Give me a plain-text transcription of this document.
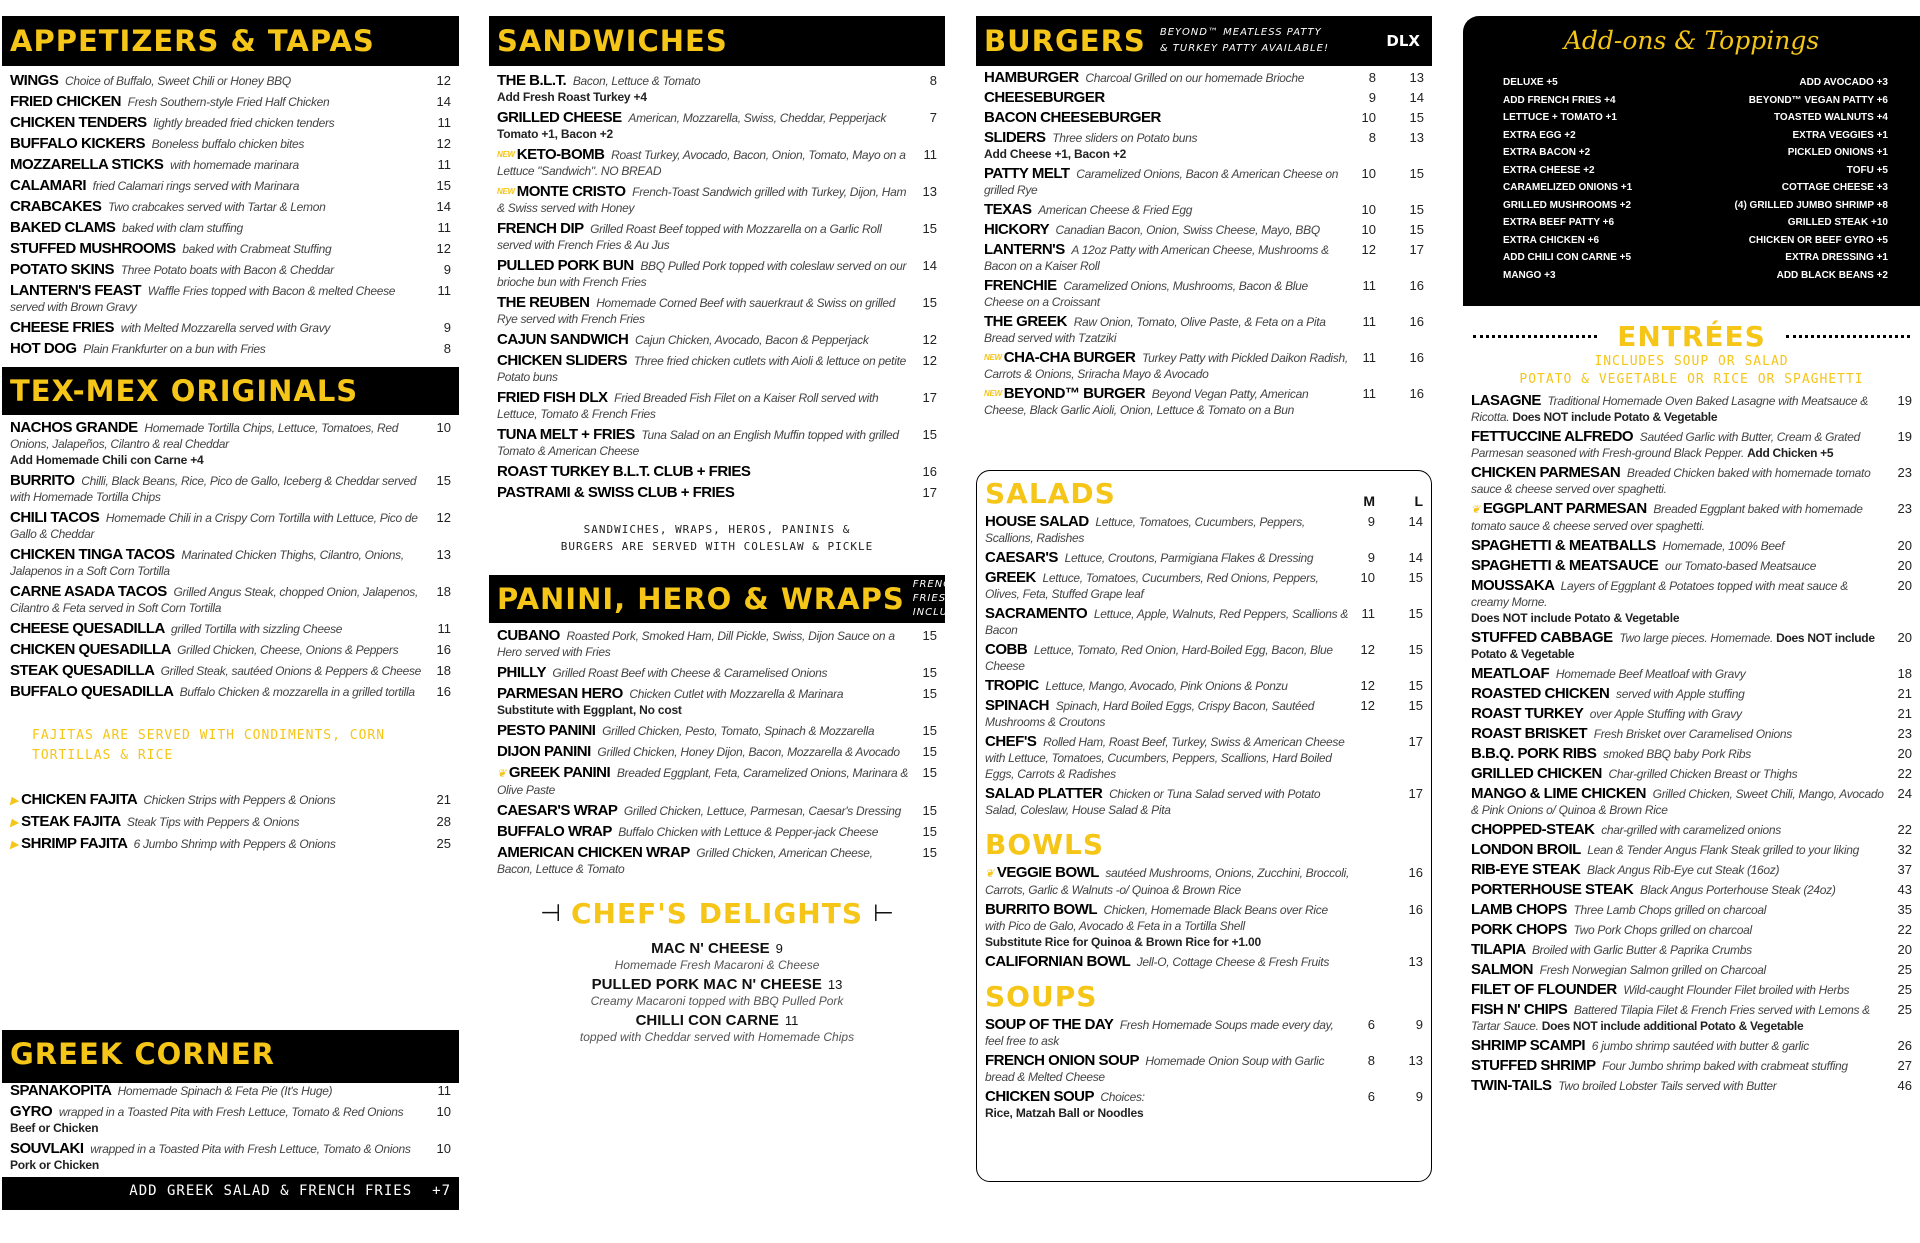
APPETIZERS & TAPAS
WINGS Choice of Buffalo, Sweet Chili or Honey BBQ	12
FRIED CHICKEN Fresh Southern-style Fried Half Chicken	14
CHICKEN TENDERS lightly breaded fried chicken tenders	11
BUFFALO KICKERS Boneless buffalo chicken bites	12
MOZZARELLA STICKS with homemade marinara	11
CALAMARI fried Calamari rings served with Marinara	15
CRABCAKES Two crabcakes served with Tartar & Lemon	14
BAKED CLAMS baked with clam stuffing	11
STUFFED MUSHROOMS baked with Crabmeat Stuffing	12
POTATO SKINS Three Potato boats with Bacon & Cheddar	9
LANTERN'S FEAST Waffle Fries topped with Bacon & melted Cheese served with Brown Gravy
11
CHEESE FRIES with Melted Mozzarella served with Gravy	9
HOT DOG Plain Frankfurter on a bun with Fries	8
TEX-MEX ORIGINALS
NACHOS GRANDE Homemade Tortilla Chips, Lettuce, Tomatoes, Red Onions, Jalapeños, Cilantro & real Cheddar
Add Homemade Chili con Carne +4
10
BURRITO Chilli, Black Beans, Rice, Pico de Gallo, Iceberg & Cheddar served with Homemade Tortilla Chips
15
CHILI TACOS Homemade Chili in a Crispy Corn Tortilla with Lettuce, Pico de Gallo & Cheddar
12
CHICKEN TINGA TACOS Marinated Chicken Thighs, Cilantro, Onions, Jalapenos in a Soft Corn Tortilla
13
CARNE ASADA TACOS Grilled Angus Steak, chopped Onion, Jalapenos, Cilantro & Feta served in Soft Corn Tortilla
18
CHEESE QUESADILLA grilled Tortilla with sizzling Cheese	11
CHICKEN QUESADILLA Grilled Chicken, Cheese, Onions & Peppers	16
STEAK QUESADILLA Grilled Steak, sautéed Onions & Peppers & Cheese	18
BUFFALO QUESADILLA Buffalo Chicken & mozzarella in a grilled tortilla	16
FAJITAS ARE SERVED WITH CONDIMENTS, CORN TORTILLAS & RICE
▶ CHICKEN FAJITA Chicken Strips with Peppers & Onions	21
▶ STEAK FAJITA Steak Tips with Peppers & Onions	28
▶ SHRIMP FAJITA 6 Jumbo Shrimp with Peppers & Onions	25
GREEK CORNER
SPANAKOPITA Homemade Spinach & Feta Pie (It's Huge)	11
GYRO wrapped in a Toasted Pita with Fresh Lettuce, Tomato & Red Onions
Beef or Chicken
10
SOUVLAKI wrapped in a Toasted Pita with Fresh Lettuce, Tomato & Onions
Pork or Chicken
10
ADD GREEK SALAD & FRENCH FRIES +7
SANDWICHES
THE B.L.T. Bacon, Lettuce & Tomato
Add Fresh Roast Turkey +4
8
GRILLED CHEESE American, Mozzarella, Swiss, Cheddar, Pepperjack
Tomato +1, Bacon +2
7
$^{NEW}$ KETO-BOMB Roast Turkey, Avocado, Bacon, Onion, Tomato, Mayo on a Lettuce "Sandwich". NO BREAD
11
$^{NEW}$ MONTE CRISTO French-Toast Sandwich grilled with Turkey, Dijon, Ham & Swiss served with Honey
13
FRENCH DIP Grilled Roast Beef topped with Mozzarella on a Garlic Roll served with French Fries & Au Jus
15
PULLED PORK BUN BBQ Pulled Pork topped with coleslaw served on our brioche bun with French Fries
14
THE REUBEN Homemade Corned Beef with sauerkraut & Swiss on grilled Rye served with French Fries
15
CAJUN SANDWICH Cajun Chicken, Avocado, Bacon & Pepperjack	12
CHICKEN SLIDERS Three fried chicken cutlets with Aioli & lettuce on petite Potato buns
12
FRIED FISH DLX Fried Breaded Fish Filet on a Kaiser Roll served with Lettuce, Tomato & French Fries
17
TUNA MELT + FRIES Tuna Salad on an English Muffin topped with grilled Tomato & American Cheese
15
ROAST TURKEY B.L.T. CLUB + FRIES	16
PASTRAMI & SWISS CLUB + FRIES	17
SANDWICHES, WRAPS, HEROS, PANINIS & BURGERS ARE SERVED WITH COLESLAW & PICKLE
PANINI, HERO & WRAPS FRENCH FRIES INCLUDED
CUBANO Roasted Pork, Smoked Ham, Dill Pickle, Swiss, Dijon Sauce on a Hero served with Fries
15
PHILLY Grilled Roast Beef with Cheese & Caramelised Onions	15
PARMESAN HERO Chicken Cutlet with Mozzarella & Marinara
Substitute with Eggplant, No cost
15
PESTO PANINI Grilled Chicken, Pesto, Tomato, Spinach & Mozzarella	15
DIJON PANINI Grilled Chicken, Honey Dijon, Bacon, Mozzarella & Avocado	15
❦ GREEK PANINI Breaded Eggplant, Feta, Caramelized Onions, Marinara & Olive Paste
15
CAESAR'S WRAP Grilled Chicken, Lettuce, Parmesan, Caesar's Dressing	15
BUFFALO WRAP Buffalo Chicken with Lettuce & Pepper-jack Cheese	15
AMERICAN CHICKEN WRAP Grilled Chicken, American Cheese, Bacon, Lettuce & Tomato
15
⊣ CHEF'S DELIGHTS ⊢
MAC N' CHEESE 9
Homemade Fresh Macaroni & Cheese
PULLED PORK MAC N' CHEESE 13
Creamy Macaroni topped with BBQ Pulled Pork
CHILLI CON CARNE 11
topped with Cheddar served with Homemade Chips
BURGERS BEYOND™ MEATLESS PATTY & TURKEY PATTY AVAILABLE!	DLX
HAMBURGER Charcoal Grilled on our homemade Brioche	8	13
CHEESEBURGER	9	14
BACON CHEESEBURGER	10	15
SLIDERS Three sliders on Potato buns
Add Cheese +1, Bacon +2
8	13
PATTY MELT Caramelized Onions, Bacon & American Cheese on grilled Rye
10	15
TEXAS American Cheese & Fried Egg	10	15
HICKORY Canadian Bacon, Onion, Swiss Cheese, Mayo, BBQ	10	15
LANTERN'S A 12oz Patty with American Cheese, Mushrooms & Bacon on a Kaiser Roll
12	17
FRENCHIE Caramelized Onions, Mushrooms, Bacon & Blue Cheese on a Croissant
11	16
THE GREEK Raw Onion, Tomato, Olive Paste, & Feta on a Pita Bread served with Tzatziki
11	16
$^{NEW}$ CHA-CHA BURGER Turkey Patty with Pickled Daikon Radish, Carrots & Onions, Sriracha Mayo & Avocado
11	16
$^{NEW}$ BEYOND™ BURGER Beyond Vegan Patty, American Cheese, Black Garlic Aioli, Onion, Lettuce & Tomato on a Bun
11	16
SALADS	M	L
HOUSE SALAD Lettuce, Tomatoes, Cucumbers, Peppers, Scallions, Radishes
9	14
CAESAR'S Lettuce, Croutons, Parmigiana Flakes & Dressing	9	14
GREEK Lettuce, Tomatoes, Cucumbers, Red Onions, Peppers, Olives, Feta, Stuffed Grape leaf
10	15
SACRAMENTO Lettuce, Apple, Walnuts, Red Peppers, Scallions & Bacon
11	15
COBB Lettuce, Tomato, Red Onion, Hard-Boiled Egg, Bacon, Blue Cheese
12	15
TROPIC Lettuce, Mango, Avocado, Pink Onions & Ponzu	12	15
SPINACH Spinach, Hard Boiled Eggs, Crispy Bacon, Sautéed Mushrooms & Croutons
12	15
CHEF'S Rolled Ham, Roast Beef, Turkey, Swiss & American Cheese with Lettuce, Tomatoes, Cucumbers, Peppers, Scallions, Hard Boiled Eggs, Carrots & Radishes
17
SALAD PLATTER Chicken or Tuna Salad served with Potato Salad, Coleslaw, House Salad & Pita
17
BOWLS
❦ VEGGIE BOWL sautéed Mushrooms, Onions, Zucchini, Broccoli, Carrots, Garlic & Walnuts -o/ Quinoa & Brown Rice
16
BURRITO BOWL Chicken, Homemade Black Beans over Rice with Pico de Galo, Avocado & Feta in a Tortilla Shell
Substitute Rice for Quinoa & Brown Rice for +1.00
16
CALIFORNIAN BOWL Jell-O, Cottage Cheese & Fresh Fruits	13
SOUPS
SOUP OF THE DAY Fresh Homemade Soups made every day, feel free to ask
6	9
FRENCH ONION SOUP Homemade Onion Soup with Garlic bread & Melted Cheese
8	13
CHICKEN SOUP Choices:
Rice, Matzah Ball or Noodles
6	9
Add-ons & Toppings
DELUXE +5	ADD AVOCADO +3
ADD FRENCH FRIES +4	BEYOND™ VEGAN PATTY +6
LETTUCE + TOMATO +1	TOASTED WALNUTS +4
EXTRA EGG +2	EXTRA VEGGIES +1
EXTRA BACON +2	PICKLED ONIONS +1
EXTRA CHEESE +2	TOFU +5
CARAMELIZED ONIONS +1	COTTAGE CHEESE +3
GRILLED MUSHROOMS +2	(4) GRILLED JUMBO SHRIMP +8
EXTRA BEEF PATTY +6	GRILLED STEAK +10
EXTRA CHICKEN +6	CHICKEN OR BEEF GYRO +5
ADD CHILI CON CARNE +5	EXTRA DRESSING +1
MANGO +3	ADD BLACK BEANS +2
ENTRÉES
INCLUDES SOUP OR SALAD
POTATO & VEGETABLE OR RICE OR SPAGHETTI
LASAGNE Traditional Homemade Oven Baked Lasagne with Meatsauce & Ricotta. Does NOT include Potato & Vegetable
19
FETTUCCINE ALFREDO Sautéed Garlic with Butter, Cream & Grated Parmesan seasoned with Fresh-ground Black Pepper. Add Chicken +5
19
CHICKEN PARMESAN Breaded Chicken baked with homemade tomato sauce & cheese served over spaghetti.
23
❦ EGGPLANT PARMESAN Breaded Eggplant baked with homemade tomato sauce & cheese served over spaghetti.
23
SPAGHETTI & MEATBALLS Homemade, 100% Beef	20
SPAGHETTI & MEATSAUCE our Tomato-based Meatsauce	20
MOUSSAKA Layers of Eggplant & Potatoes topped with meat sauce & creamy Morne.
Does NOT include Potato & Vegetable
20
STUFFED CABBAGE Two large pieces. Homemade. Does NOT include Potato & Vegetable
20
MEATLOAF Homemade Beef Meatloaf with Gravy	18
ROASTED CHICKEN served with Apple stuffing	21
ROAST TURKEY over Apple Stuffing with Gravy	21
ROAST BRISKET Fresh Brisket over Caramelised Onions	23
B.B.Q. PORK RIBS smoked BBQ baby Pork Ribs	20
GRILLED CHICKEN Char-grilled Chicken Breast or Thighs	22
MANGO & LIME CHICKEN Grilled Chicken, Sweet Chili, Mango, Avocado & Pink Onions o/ Quinoa & Brown Rice
24
CHOPPED-STEAK char-grilled with caramelized onions	22
LONDON BROIL Lean & Tender Angus Flank Steak grilled to your liking	32
RIB-EYE STEAK Black Angus Rib-Eye cut Steak (16oz)	37
PORTERHOUSE STEAK Black Angus Porterhouse Steak (24oz)	43
LAMB CHOPS Three Lamb Chops grilled on charcoal	35
PORK CHOPS Two Pork Chops grilled on charcoal	22
TILAPIA Broiled with Garlic Butter & Paprika Crumbs	20
SALMON Fresh Norwegian Salmon grilled on Charcoal	25
FILET OF FLOUNDER Wild-caught Flounder Filet broiled with Herbs	25
FISH N' CHIPS Battered Tilapia Filet & French Fries served with Lemons & Tartar Sauce. Does NOT include additional Potato & Vegetable
25
SHRIMP SCAMPI 6 jumbo shrimp sautéed with butter & garlic	26
STUFFED SHRIMP Four Jumbo shrimp baked with crabmeat stuffing	27
TWIN-TAILS Two broiled Lobster Tails served with Butter	46
